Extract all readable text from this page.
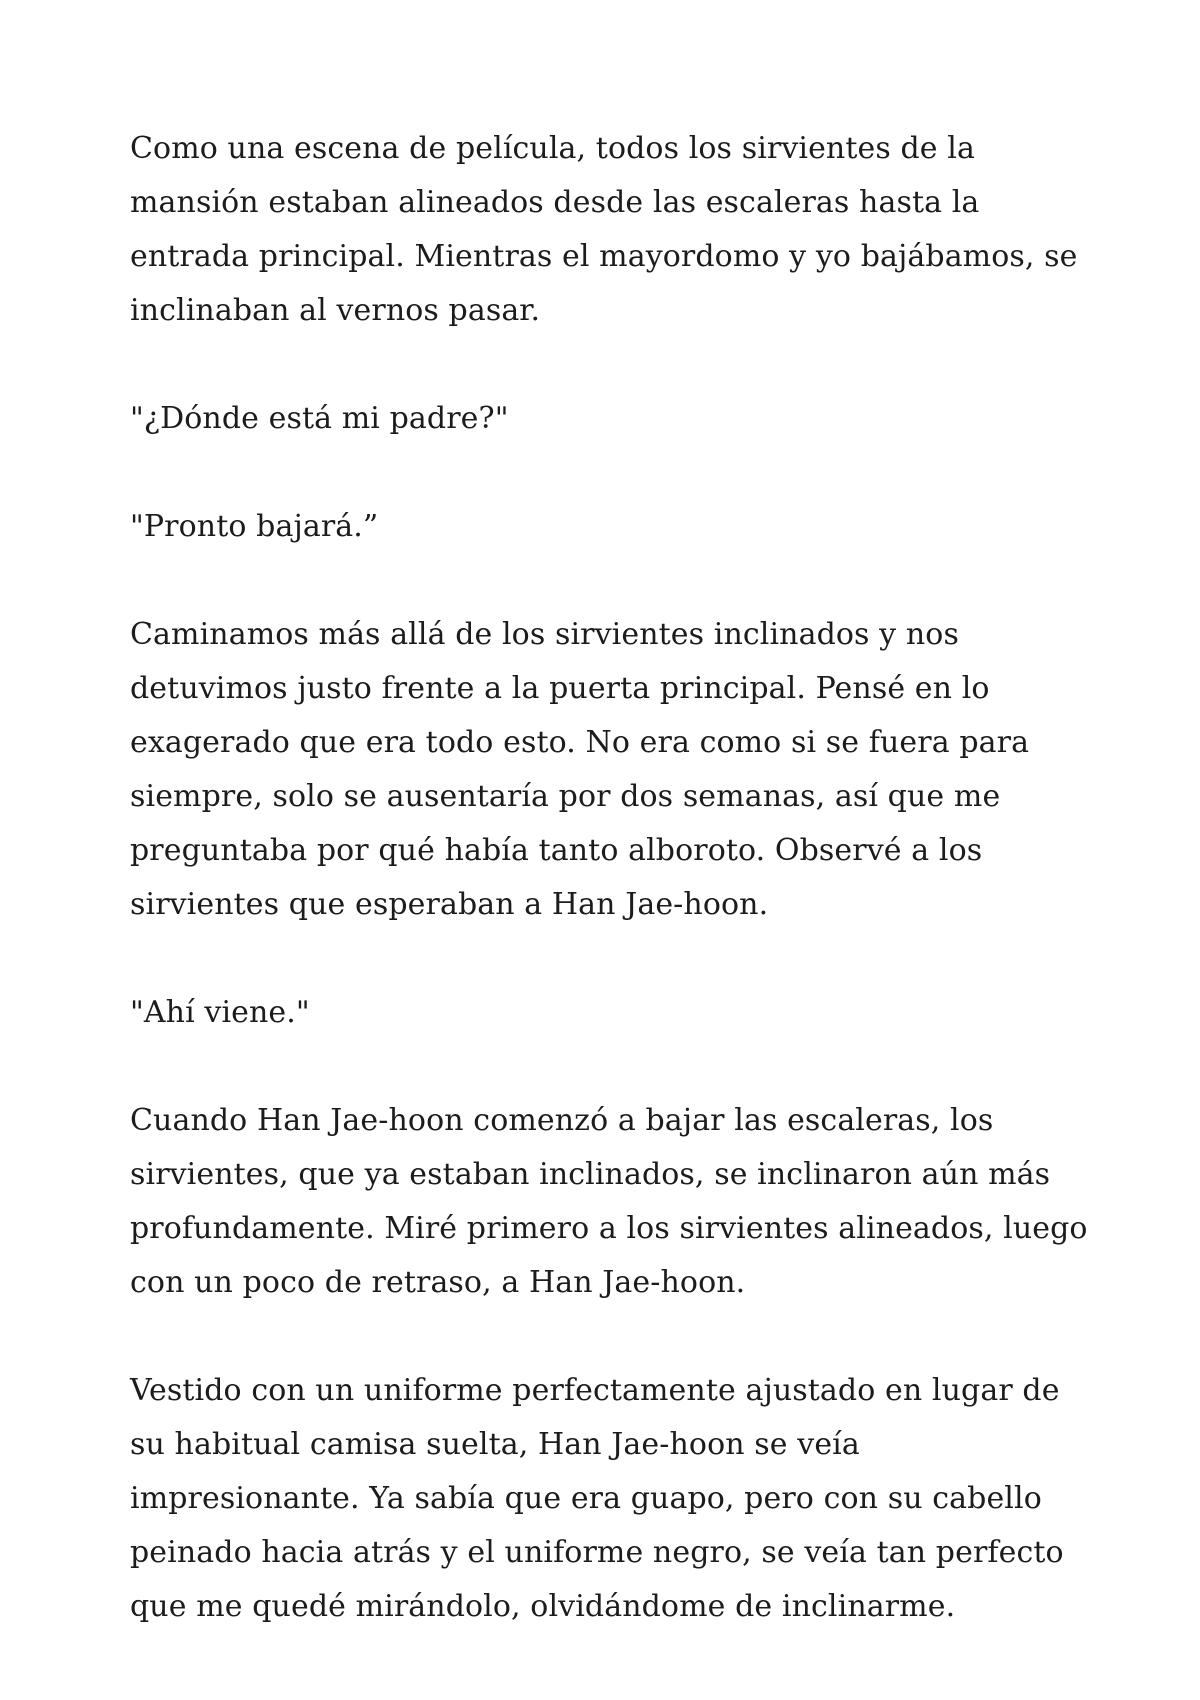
Como una escena de película, todos los sirvientes de la mansión estaban alineados desde las escaleras hasta la entrada principal. Mientras el mayordomo y yo bajábamos, se inclinaban al vernos pasar.

"¿Dónde está mi padre?"

"Pronto bajará.”

Caminamos más allá de los sirvientes inclinados y nos detuvimos justo frente a la puerta principal. Pensé en lo exagerado que era todo esto. No era como si se fuera para siempre, solo se ausentaría por dos semanas, así que me preguntaba por qué había tanto alboroto. Observé a los sirvientes que esperaban a Han Jae-hoon.

"Ahí viene."

Cuando Han Jae-hoon comenzó a bajar las escaleras, los sirvientes, que ya estaban inclinados, se inclinaron aún más profundamente. Miré primero a los sirvientes alineados, luego con un poco de retraso, a Han Jae-hoon.

Vestido con un uniforme perfectamente ajustado en lugar de su habitual camisa suelta, Han Jae-hoon se veía impresionante. Ya sabía que era guapo, pero con su cabello peinado hacia atrás y el uniforme negro, se veía tan perfecto que me quedé mirándolo, olvidándome de inclinarme.
